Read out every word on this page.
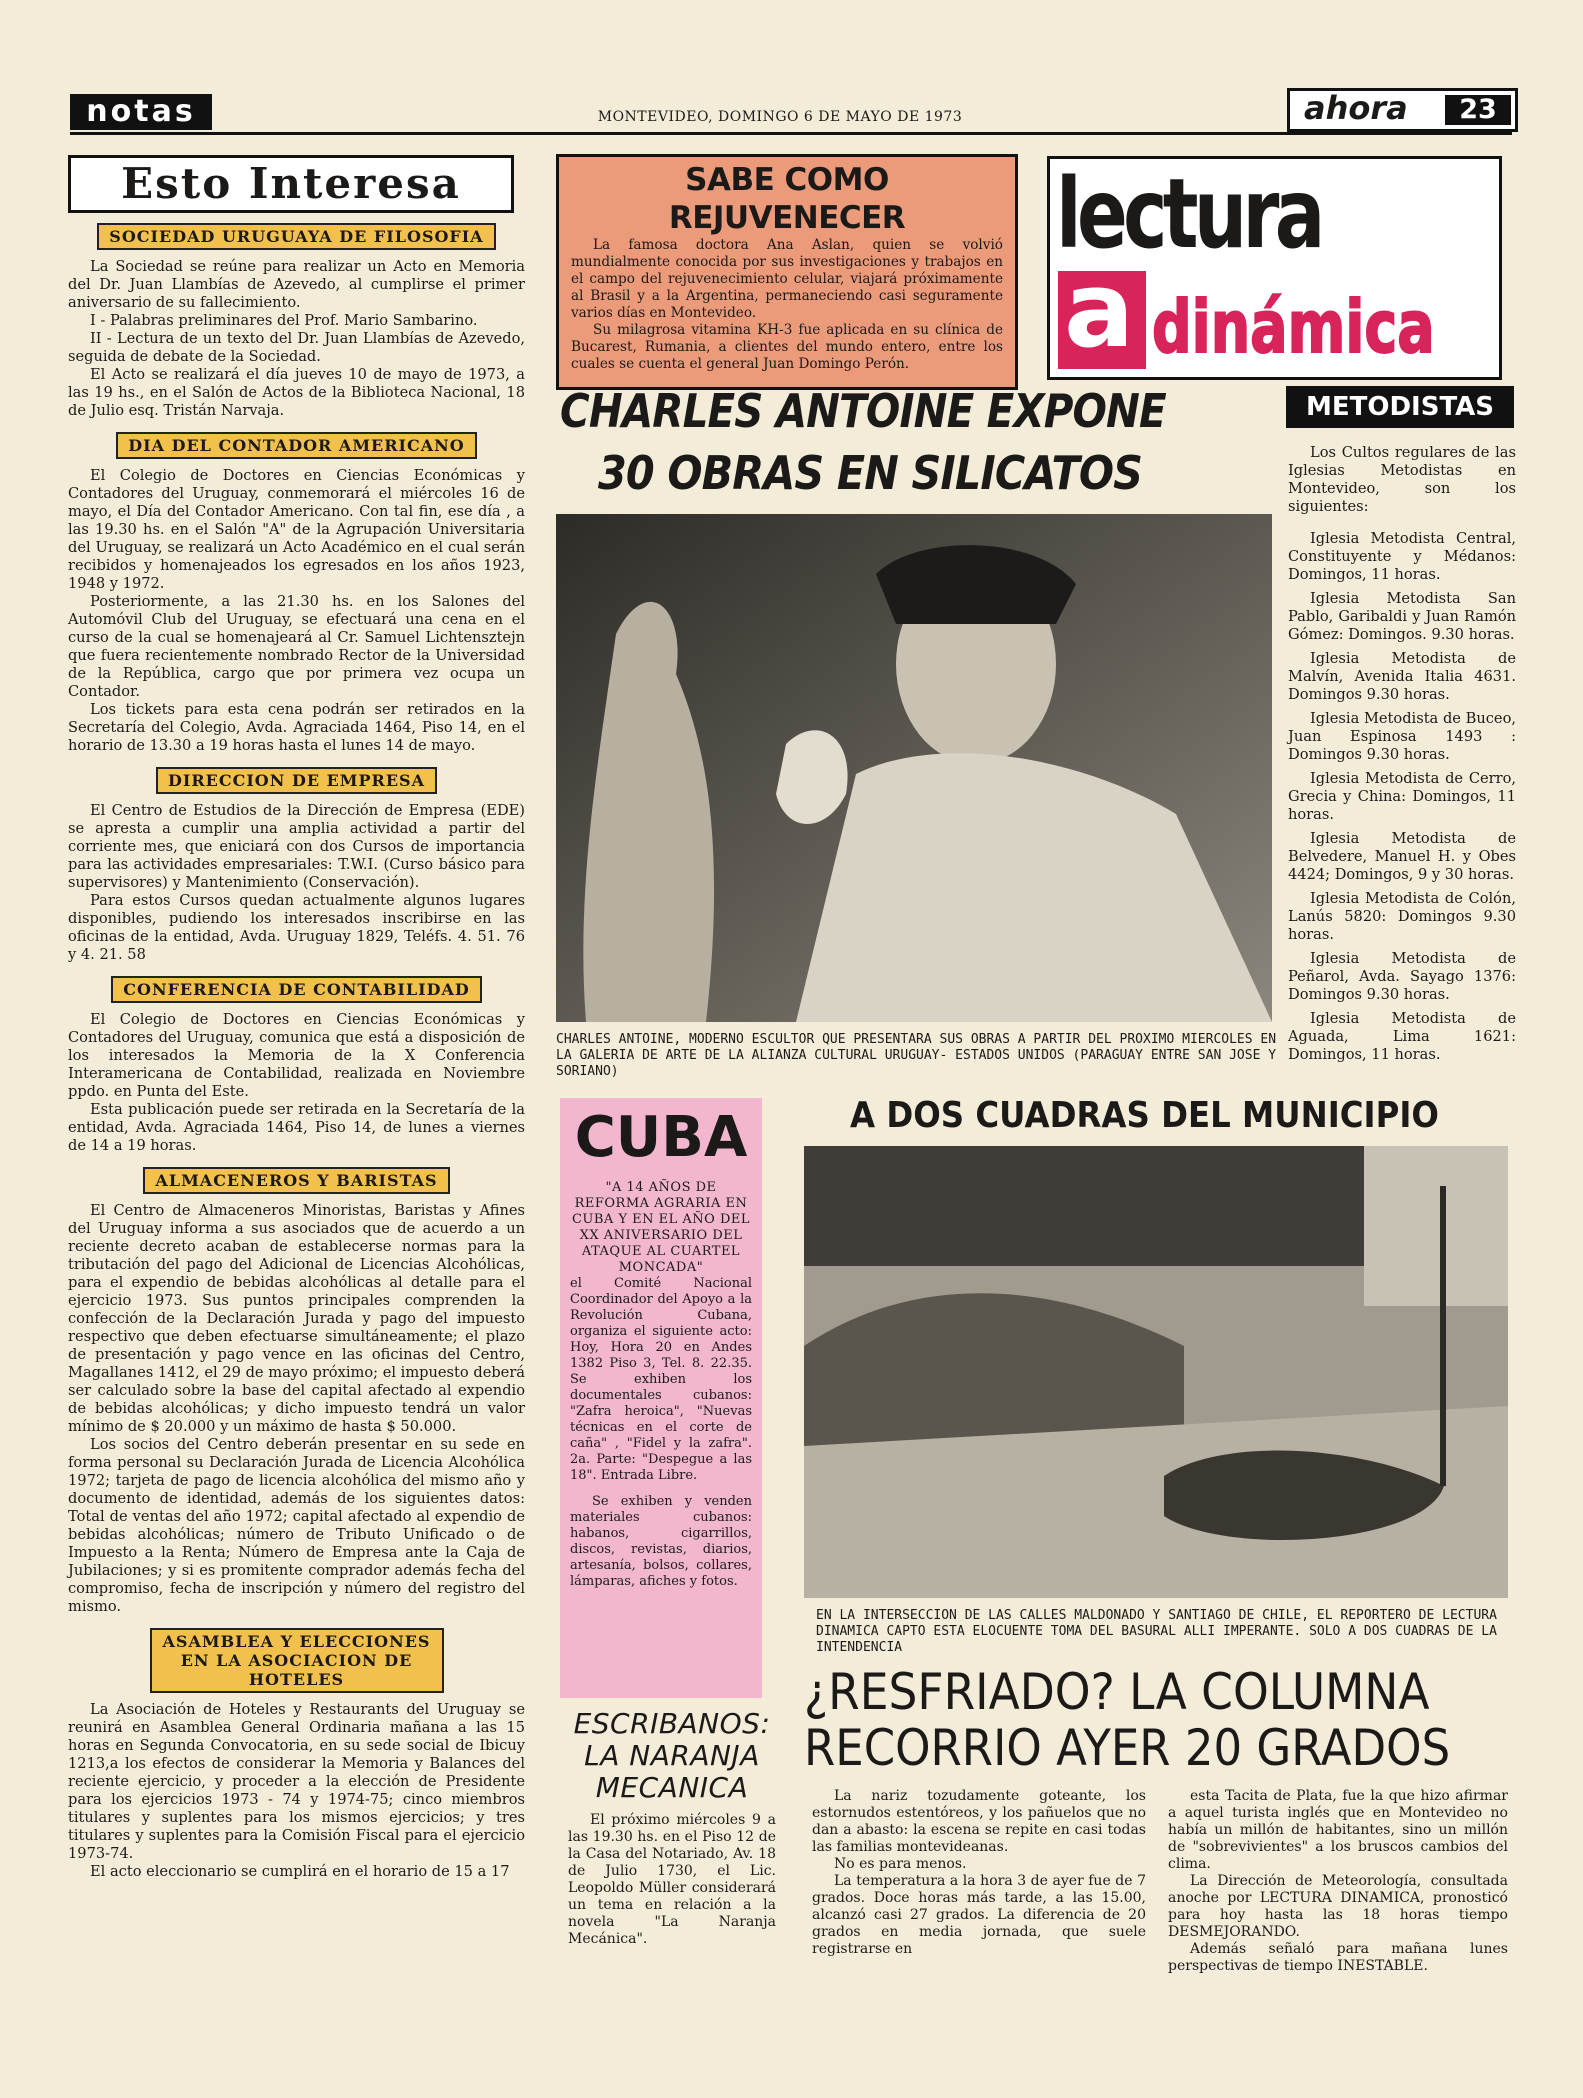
notas	MONTEVIDEO, DOMINGO 6 DE MAYO DE 1973	ahora	23
Esto Interesa
SOCIEDAD URUGUAYA DE FILOSOFIA

La Sociedad se reúne para realizar un Acto en Memoria del Dr. Juan Llambías de Azevedo, al cumplirse el primer aniversario de su fallecimiento.

I - Palabras preliminares del Prof. Mario Sambarino.

II - Lectura de un texto del Dr. Juan Llambías de Azevedo, seguida de debate de la Sociedad.

El Acto se realizará el día jueves 10 de mayo de 1973, a las 19 hs., en el Salón de Actos de la Biblioteca Nacional, 18 de Julio esq. Tristán Narvaja.

DIA DEL CONTADOR AMERICANO

El Colegio de Doctores en Ciencias Económicas y Contadores del Uruguay, conmemorará el miércoles 16 de mayo, el Día del Contador Americano. Con tal fin, ese día , a las 19.30 hs. en el Salón "A" de la Agrupación Universitaria del Uruguay, se realizará un Acto Académico en el cual serán recibidos y homenajeados los egresados en los años 1923, 1948 y 1972.

Posteriormente, a las 21.30 hs. en los Salones del Automóvil Club del Uruguay, se efectuará una cena en el curso de la cual se homenajeará al Cr. Samuel Lichtensztejn que fuera recientemente nombrado Rector de la Universidad de la República, cargo que por primera vez ocupa un Contador.

Los tickets para esta cena podrán ser retirados en la Secretaría del Colegio, Avda. Agraciada 1464, Piso 14, en el horario de 13.30 a 19 horas hasta el lunes 14 de mayo.

DIRECCION DE EMPRESA

El Centro de Estudios de la Dirección de Empresa (EDE) se apresta a cumplir una amplia actividad a partir del corriente mes, que eniciará con dos Cursos de importancia para las actividades empresariales: T.W.I. (Curso básico para supervisores) y Mantenimiento (Conservación).

Para estos Cursos quedan actualmente algunos lugares disponibles, pudiendo los interesados inscribirse en las oficinas de la entidad, Avda. Uruguay 1829, Teléfs. 4. 51. 76 y 4. 21. 58

CONFERENCIA DE CONTABILIDAD

El Colegio de Doctores en Ciencias Económicas y Contadores del Uruguay, comunica que está a disposición de los interesados la Memoria de la X Conferencia Interamericana de Contabilidad, realizada en Noviembre ppdo. en Punta del Este.

Esta publicación puede ser retirada en la Secretaría de la entidad, Avda. Agraciada 1464, Piso 14, de lunes a viernes de 14 a 19 horas.

ALMACENEROS Y BARISTAS

El Centro de Almaceneros Minoristas, Baristas y Afines del Uruguay informa a sus asociados que de acuerdo a un reciente decreto acaban de establecerse normas para la tributación del pago del Adicional de Licencias Alcohólicas, para el expendio de bebidas alcohólicas al detalle para el ejercicio 1973. Sus puntos principales comprenden la confección de la Declaración Jurada y pago del impuesto respectivo que deben efectuarse simultáneamente; el plazo de presentación y pago vence en las oficinas del Centro, Magallanes 1412, el 29 de mayo próximo; el impuesto deberá ser calculado sobre la base del capital afectado al expendio de bebidas alcohólicas; y dicho impuesto tendrá un valor mínimo de $ 20.000 y un máximo de hasta $ 50.000.

Los socios del Centro deberán presentar en su sede en forma personal su Declaración Jurada de Licencia Alcohólica 1972; tarjeta de pago de licencia alcohólica del mismo año y documento de identidad, además de los siguientes datos: Total de ventas del año 1972; capital afectado al expendio de bebidas alcohólicas; número de Tributo Unificado o de Impuesto a la Renta; Número de Empresa ante la Caja de Jubilaciones; y si es promitente comprador además fecha del compromiso, fecha de inscripción y número del registro del mismo.

ASAMBLEA Y ELECCIONES EN LA ASOCIACION DE HOTELES

La Asociación de Hoteles y Restaurants del Uruguay se reunirá en Asamblea General Ordinaria mañana a las 15 horas en Segunda Convocatoria, en su sede social de Ibicuy 1213,a los efectos de considerar la Memoria y Balances del reciente ejercicio, y proceder a la elección de Presidente para los ejercicios 1973 - 74 y 1974-75; cinco miembros titulares y suplentes para los mismos ejercicios; y tres titulares y suplentes para la Comisión Fiscal para el ejercicio 1973-74.

El acto eleccionario se cumplirá en el horario de 15 a 17

SABE COMO REJUVENECER

La famosa doctora Ana Aslan, quien se volvió mundialmente conocida por sus investigaciones y trabajos en el campo del rejuvenecimiento celular, viajará próximamente al Brasil y a la Argentina, permaneciendo casi seguramente varios días en Montevideo.

Su milagrosa vitamina KH-3 fue aplicada en su clínica de Bucarest, Rumania, a clientes del mundo entero, entre los cuales se cuenta el general Juan Domingo Perón.

lectura
a dinámica
CHARLES ANTOINE EXPONE
30 OBRAS EN SILICATOS
CHARLES ANTOINE, MODERNO ESCULTOR QUE PRESENTARA SUS OBRAS A PARTIR DEL PROXIMO MIERCOLES EN LA GALERIA DE ARTE DE LA ALIANZA CULTURAL URUGUAY- ESTADOS UNIDOS (PARAGUAY ENTRE SAN JOSE Y SORIANO)
METODISTAS

Los Cultos regulares de las Iglesias Metodistas en Montevideo, son los siguientes:

Iglesia Metodista Central, Constituyente y Médanos: Domingos, 11 horas.

Iglesia Metodista San Pablo, Garibaldi y Juan Ramón Gómez: Domingos. 9.30 horas.

Iglesia Metodista de Malvín, Avenida Italia 4631. Domingos 9.30 horas.

Iglesia Metodista de Buceo, Juan Espinosa 1493 : Domingos 9.30 horas.

Iglesia Metodista de Cerro, Grecia y China: Domingos, 11 horas.

Iglesia Metodista de Belvedere, Manuel H. y Obes 4424; Domingos, 9 y 30 horas.

Iglesia Metodista de Colón, Lanús 5820: Domingos 9.30 horas.

Iglesia Metodista de Peñarol, Avda. Sayago 1376: Domingos 9.30 horas.

Iglesia Metodista de Aguada, Lima 1621: Domingos, 11 horas.

CUBA

"A 14 AÑOS DE REFORMA AGRARIA EN CUBA Y EN EL AÑO DEL XX ANIVERSARIO DEL ATAQUE AL CUARTEL MONCADA"

el Comité Nacional Coordinador del Apoyo a la Revolución Cubana, organiza el siguiente acto: Hoy, Hora 20 en Andes 1382 Piso 3, Tel. 8. 22.35. Se exhiben los documentales cubanos: "Zafra heroica", "Nuevas técnicas en el corte de caña" , "Fidel y la zafra". 2a. Parte: "Despegue a las 18". Entrada Libre.

Se exhiben y venden materiales cubanos: habanos, cigarrillos, discos, revistas, diarios, artesanía, bolsos, collares, lámparas, afiches y fotos.

ESCRIBANOS: LA NARANJA MECANICA

El próximo miércoles 9 a las 19.30 hs. en el Piso 12 de la Casa del Notariado, Av. 18 de Julio 1730, el Lic. Leopoldo Müller considerará un tema en relación a la novela "La Naranja Mecánica".

A DOS CUADRAS DEL MUNICIPIO
EN LA INTERSECCION DE LAS CALLES MALDONADO Y SANTIAGO DE CHILE, EL REPORTERO DE LECTURA DINAMICA CAPTO ESTA ELOCUENTE TOMA DEL BASURAL ALLI IMPERANTE. SOLO A DOS CUADRAS DE LA INTENDENCIA
¿RESFRIADO? LA COLUMNA
RECORRIO AYER 20 GRADOS

La nariz tozudamente goteante, los estornudos estentóreos, y los pañuelos que no dan a abasto: la escena se repite en casi todas las familias montevideanas.

No es para menos.

La temperatura a la hora 3 de ayer fue de 7 grados. Doce horas más tarde, a las 15.00, alcanzó casi 27 grados. La diferencia de 20 grados en media jornada, que suele registrarse en

esta Tacita de Plata, fue la que hizo afirmar a aquel turista inglés que en Montevideo no había un millón de habitantes, sino un millón de "sobrevivientes" a los bruscos cambios del clima.

La Dirección de Meteorología, consultada anoche por LECTURA DINAMICA, pronosticó para hoy hasta las 18 horas tiempo DESMEJORANDO.

Además señaló para mañana lunes perspectivas de tiempo INESTABLE.
